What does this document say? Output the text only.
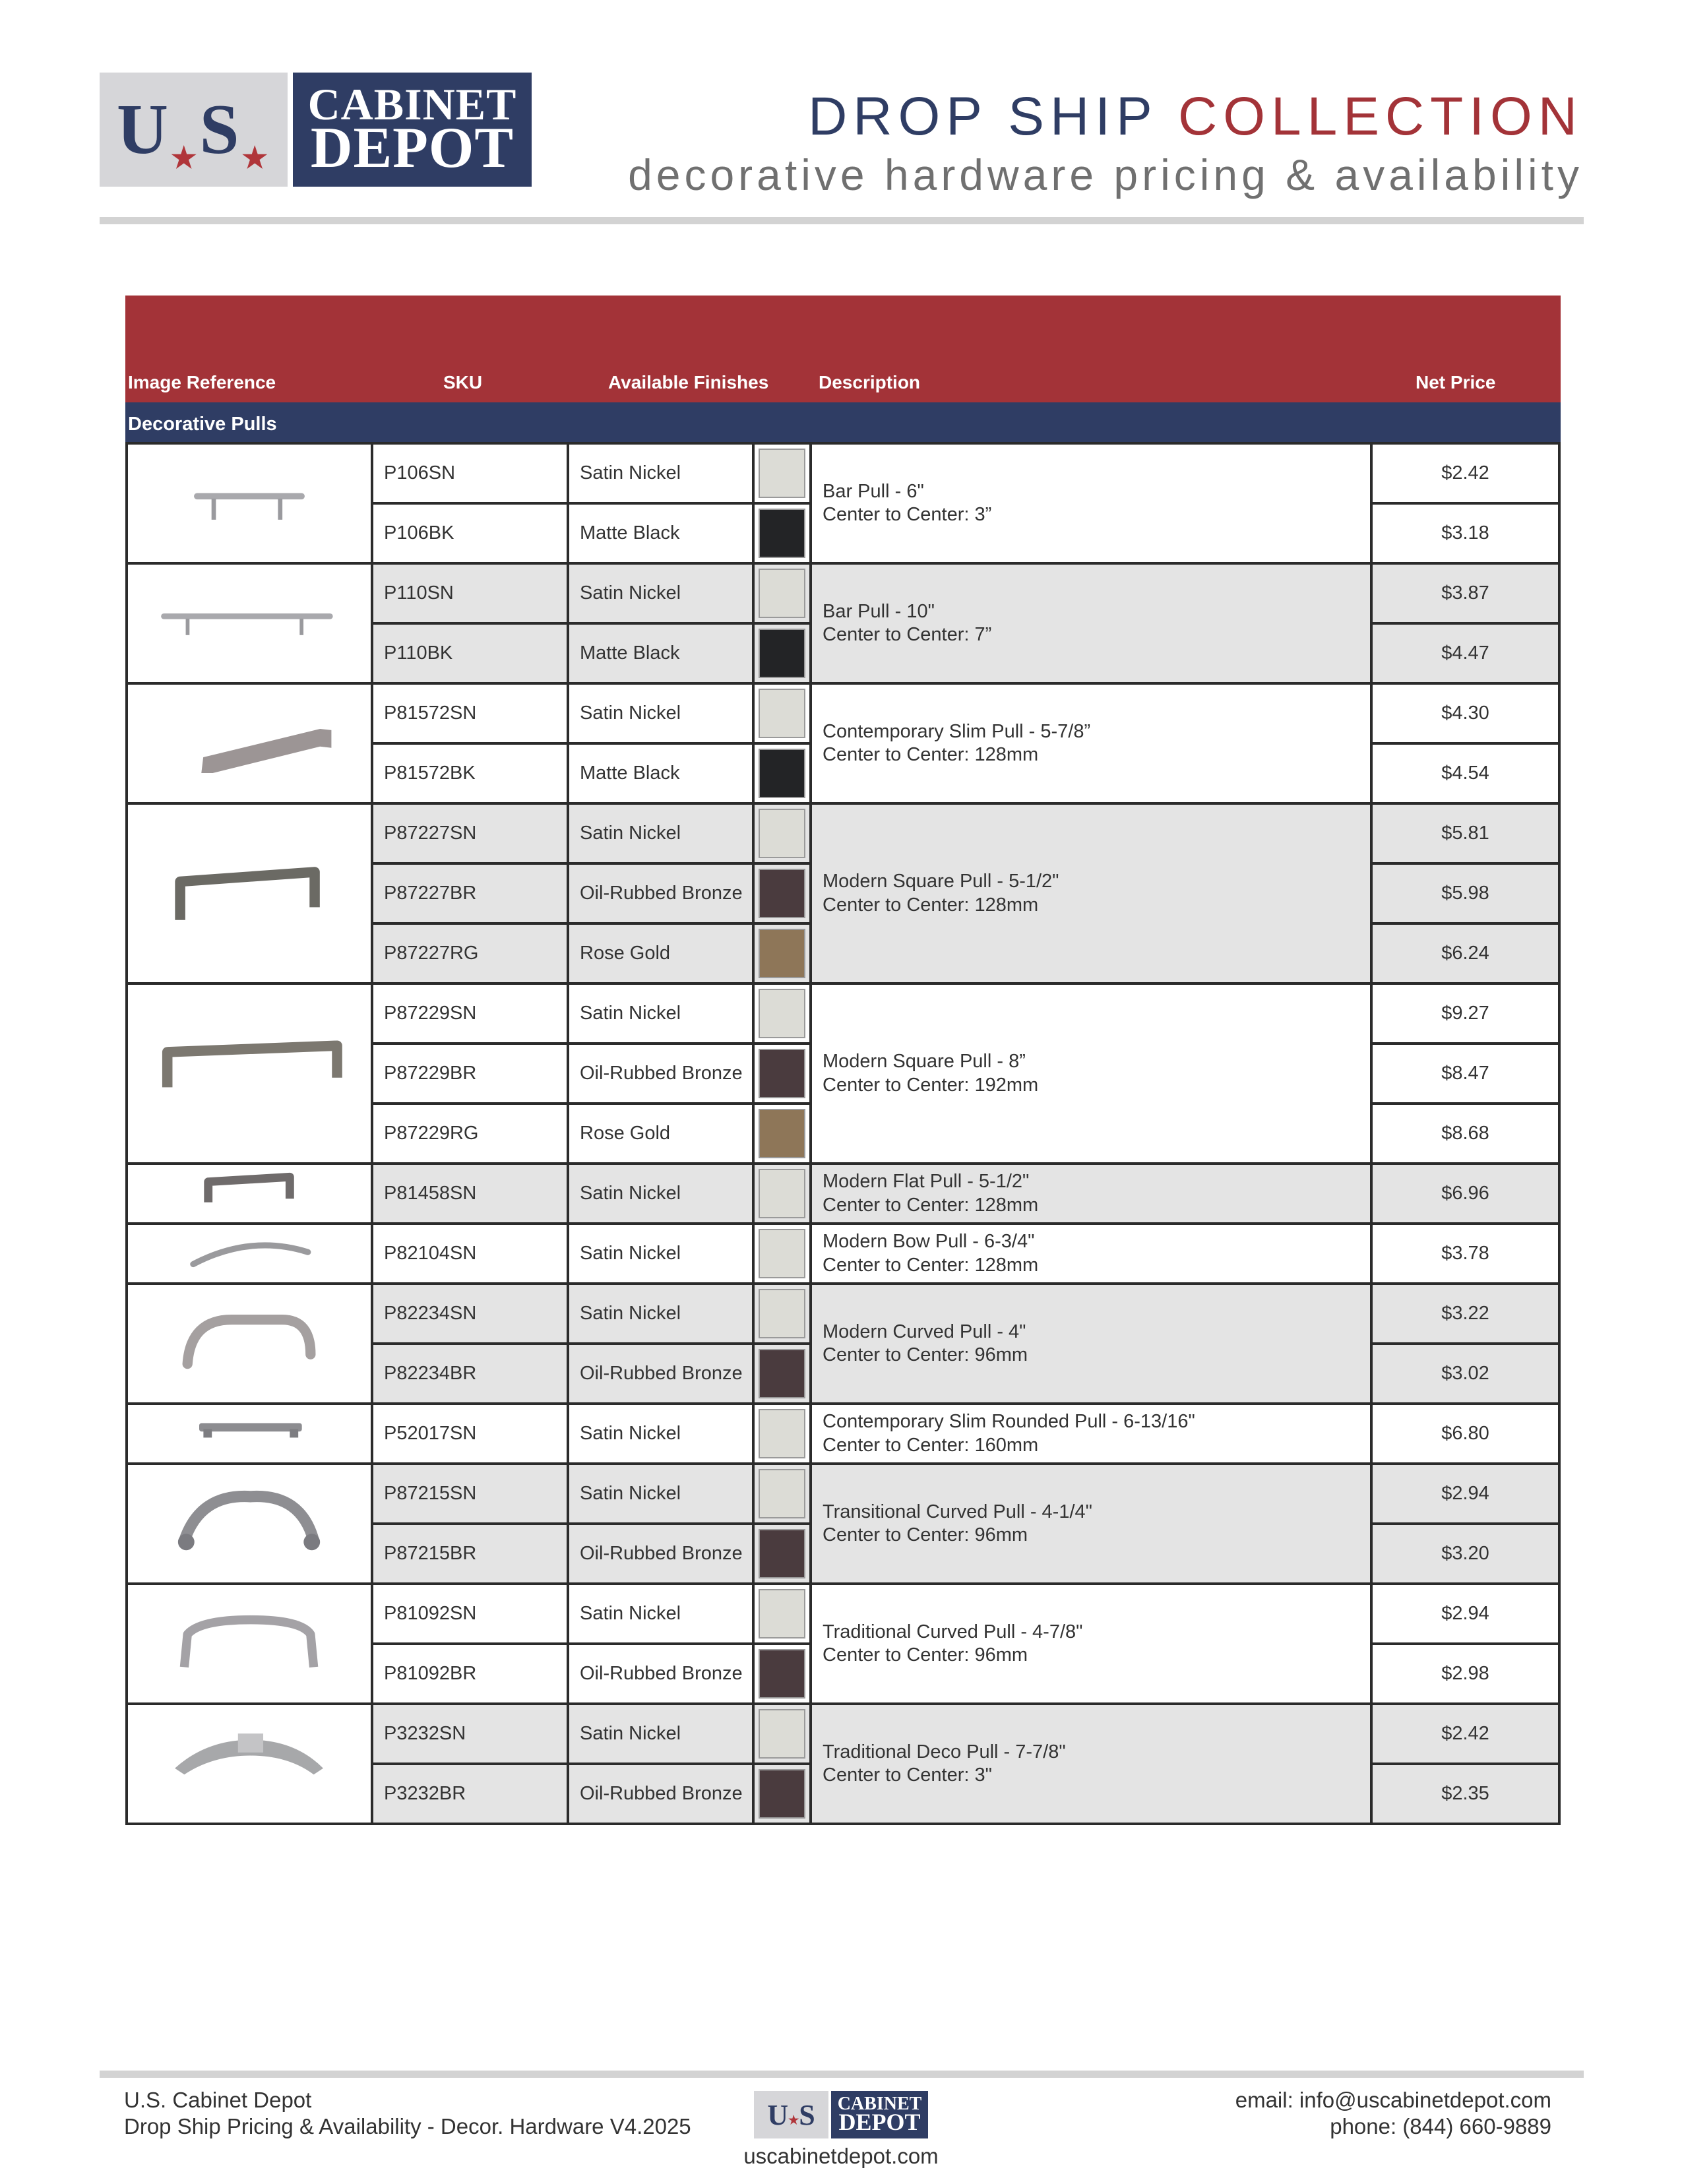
$U_★S_★$
CABINET
DEPOT	DROP SHIP COLLECTION
decorative hardware pricing & availability
Image Reference	SKU	Available Finishes	Description	Net Price
Decorative Pulls
Bar Pull - 6"
Center to Center: 3”
P106SN	Satin Nickel	$2.42
P106BK	Matte Black	$3.18
Bar Pull - 10"
Center to Center: 7”
P110SN	Satin Nickel	$3.87
P110BK	Matte Black	$4.47
Contemporary Slim Pull - 5-7/8”
Center to Center: 128mm
P81572SN	Satin Nickel	$4.30
P81572BK	Matte Black	$4.54
Modern Square Pull - 5-1/2"
Center to Center: 128mm
P87227SN	Satin Nickel	$5.81
P87227BR	Oil-Rubbed Bronze	$5.98
P87227RG	Rose Gold	$6.24
Modern Square Pull - 8”
Center to Center: 192mm
P87229SN	Satin Nickel	$9.27
P87229BR	Oil-Rubbed Bronze	$8.47
P87229RG	Rose Gold	$8.68
Modern Flat Pull - 5-1/2"
Center to Center: 128mm
P81458SN	Satin Nickel	$6.96
Modern Bow Pull - 6-3/4"
Center to Center: 128mm
P82104SN	Satin Nickel	$3.78
Modern Curved Pull - 4"
Center to Center: 96mm
P82234SN	Satin Nickel	$3.22
P82234BR	Oil-Rubbed Bronze	$3.02
Contemporary Slim Rounded Pull - 6-13/16"
Center to Center: 160mm
P52017SN	Satin Nickel	$6.80
Transitional Curved Pull - 4-1/4"
Center to Center: 96mm
P87215SN	Satin Nickel	$2.94
P87215BR	Oil-Rubbed Bronze	$3.20
Traditional Curved Pull - 4-7/8"
Center to Center: 96mm
P81092SN	Satin Nickel	$2.94
P81092BR	Oil-Rubbed Bronze	$2.98
Traditional Deco Pull - 7-7/8"
Center to Center: 3"
P3232SN	Satin Nickel	$2.42
P3232BR	Oil-Rubbed Bronze	$2.35
U.S. Cabinet Depot
Drop Ship Pricing & Availability - Decor. Hardware V4.2025	U ★ S	CABINET
DEPOT
uscabinetdepot.com
email: info@uscabinetdepot.com
phone: (844) 660-9889
